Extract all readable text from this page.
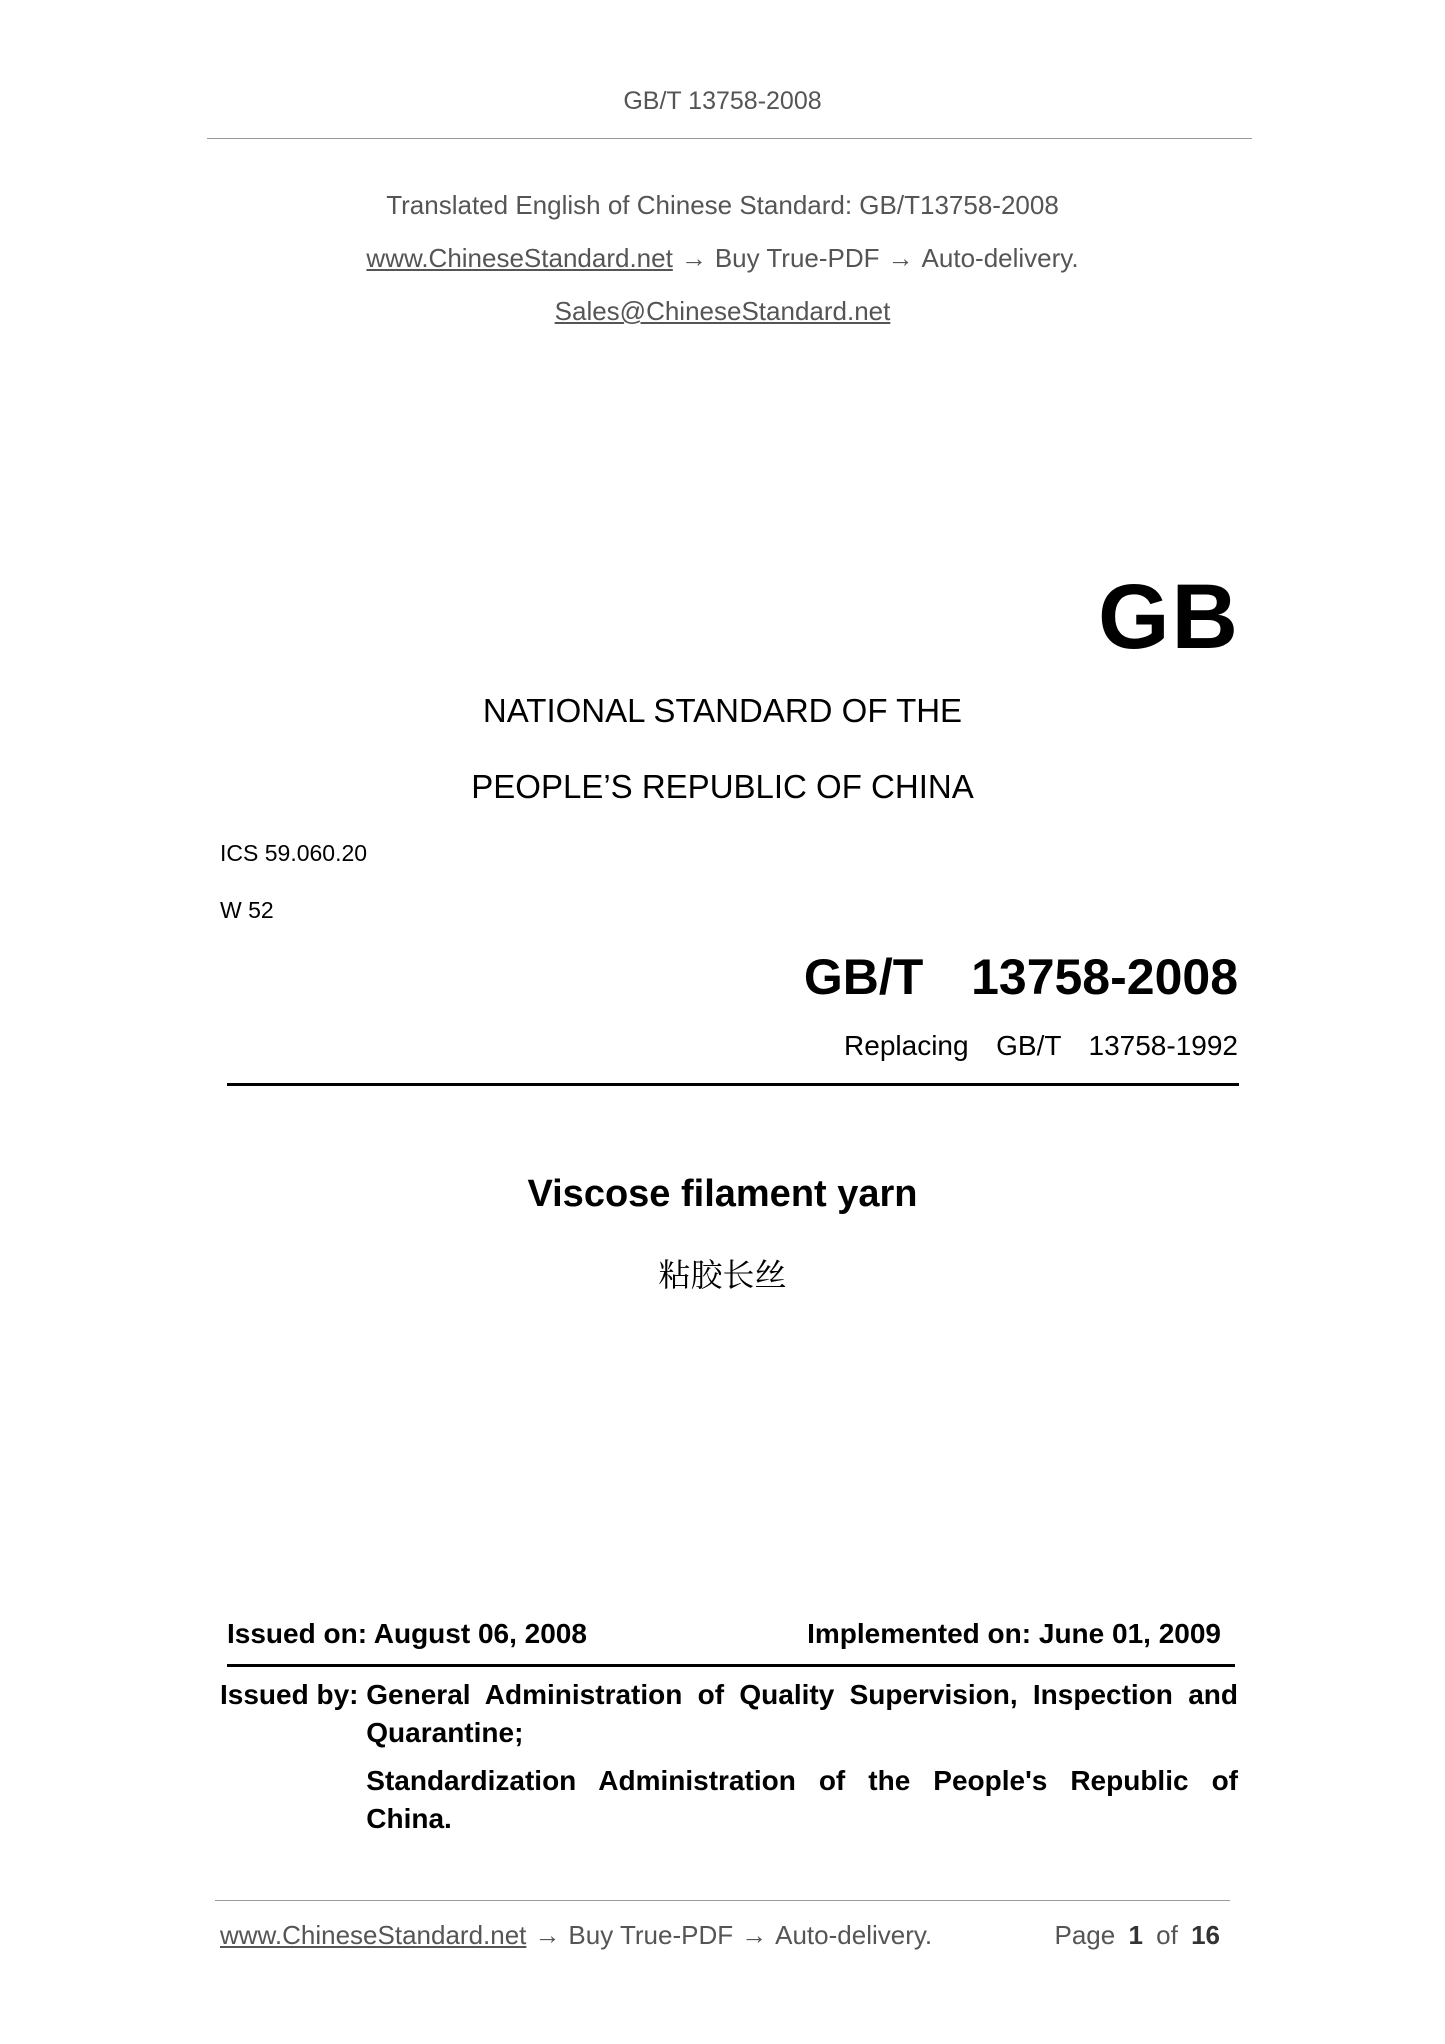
GB/T 13758-2008
Translated English of Chinese Standard: GB/T13758-2008
www.ChineseStandard.net → Buy True-PDF → Auto-delivery.
Sales@ChineseStandard.net
GB
NATIONAL STANDARD OF THE
PEOPLE’S REPUBLIC OF CHINA
ICS 59.060.20
W 52
GB/T  13758-2008
Replacing  GB/T  13758-1992
Viscose filament yarn
粘胶长丝
Issued on: August 06, 2008	Implemented on: June 01, 2009
Issued by: General Administration of Quality Supervision, Inspection and Quarantine;
Standardization Administration of the People's Republic of China.
www.ChineseStandard.net → Buy True-PDF → Auto-delivery.	Page 1 of 16
